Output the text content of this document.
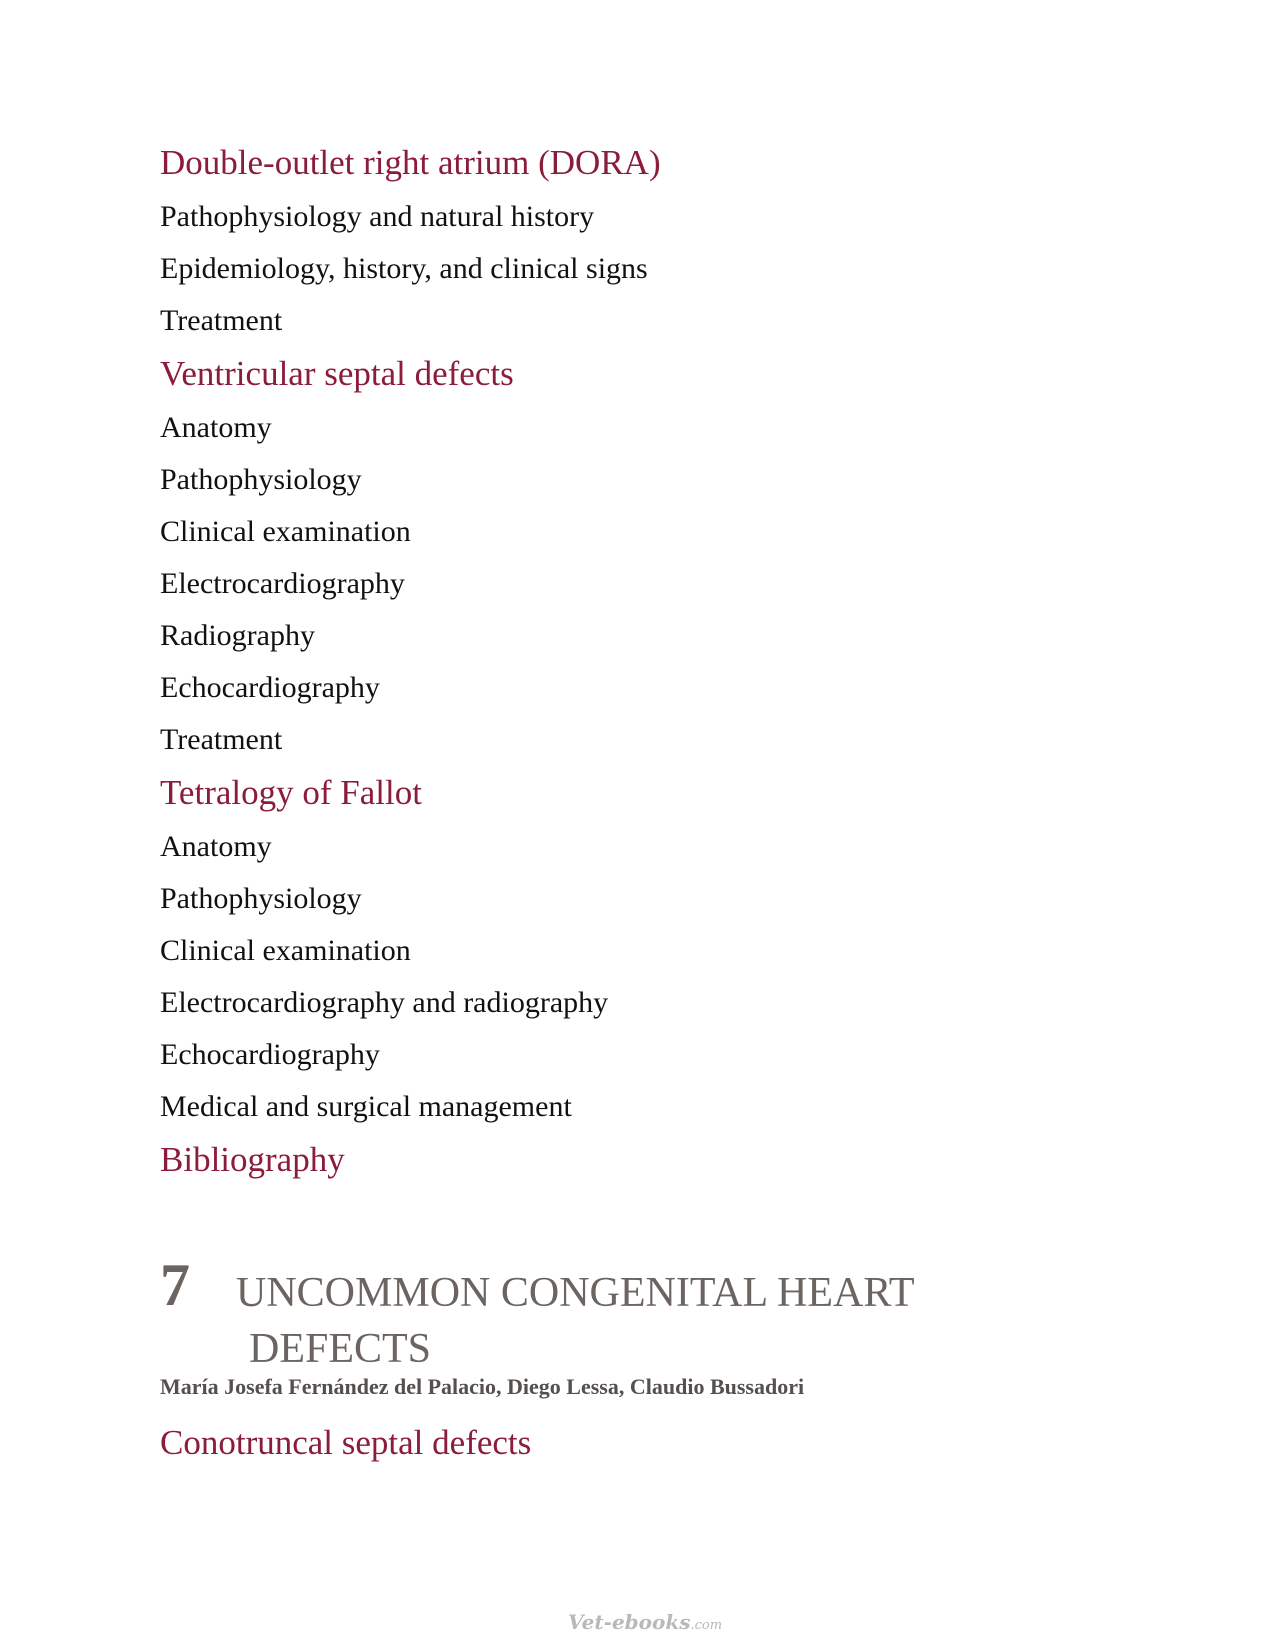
Double-outlet right atrium (DORA)
Pathophysiology and natural history
Epidemiology, history, and clinical signs
Treatment
Ventricular septal defects
Anatomy
Pathophysiology
Clinical examination
Electrocardiography
Radiography
Echocardiography
Treatment
Tetralogy of Fallot
Anatomy
Pathophysiology
Clinical examination
Electrocardiography and radiography
Echocardiography
Medical and surgical management
Bibliography
7 UNCOMMON CONGENITAL HEART
DEFECTS
María Josefa Fernández del Palacio, Diego Lessa, Claudio Bussadori
Conotruncal septal defects
Vet-ebooks.com
